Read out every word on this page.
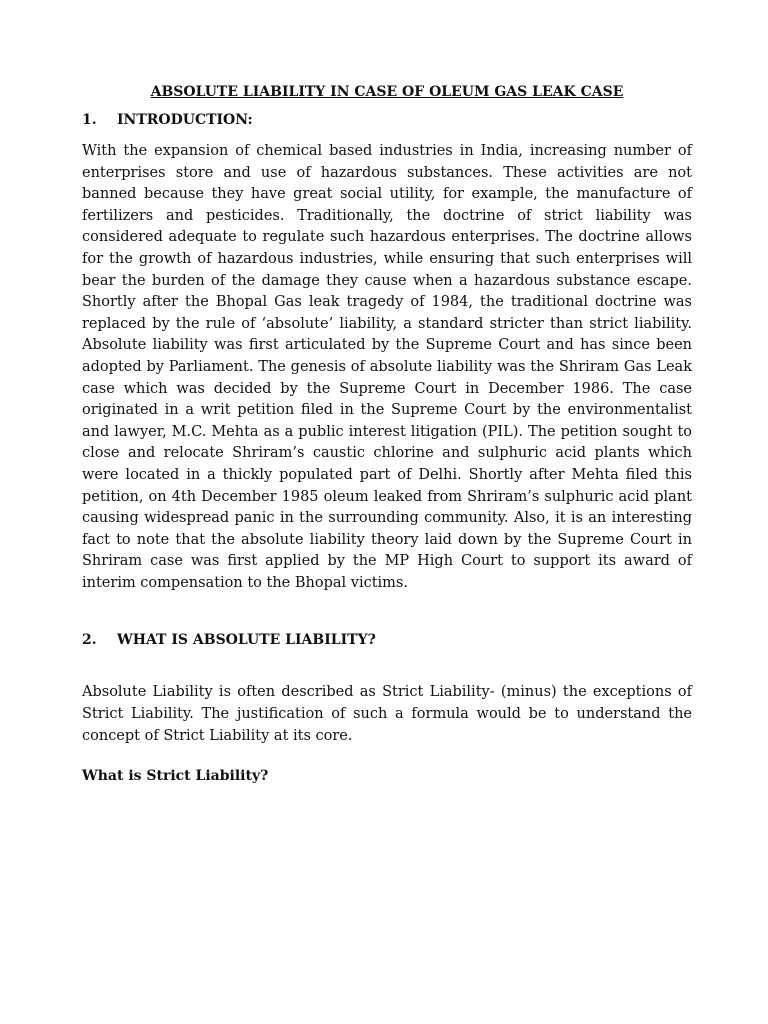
ABSOLUTE LIABILITY IN CASE OF OLEUM GAS LEAK CASE
1.	INTRODUCTION:

With the expansion of chemical based industries in India, increasing number of enterprises store and use of hazardous substances. These activities are not banned because they have great social utility, for example, the manufacture of fertilizers and pesticides. Traditionally, the doctrine of strict liability was considered adequate to regulate such hazardous enterprises. The doctrine allows for the growth of hazardous industries, while ensuring that such enterprises will bear the burden of the damage they cause when a hazardous substance escape. Shortly after the Bhopal Gas leak tragedy of 1984, the traditional doctrine was replaced by the rule of ‘absolute’ liability, a standard stricter than strict liability. Absolute liability was first articulated by the Supreme Court and has since been adopted by Parliament. The genesis of absolute liability was the Shriram Gas Leak case which was decided by the Supreme Court in December 1986. The case originated in a writ petition filed in the Supreme Court by the environmentalist and lawyer, M.C. Mehta as a public interest litigation (PIL). The petition sought to close and relocate Shriram’s caustic chlorine and sulphuric acid plants which were located in a thickly populated part of Delhi. Shortly after Mehta filed this petition, on 4th December 1985 oleum leaked from Shriram’s sulphuric acid plant causing widespread panic in the surrounding community. Also, it is an interesting fact to note that the absolute liability theory laid down by the Supreme Court in Shriram case was first applied by the MP High Court to support its award of interim compensation to the Bhopal victims.

2.	WHAT IS ABSOLUTE LIABILITY?

Absolute Liability is often described as Strict Liability- (minus) the exceptions of Strict Liability. The justification of such a formula would be to understand the concept of Strict Liability at its core.

What is Strict Liability?
